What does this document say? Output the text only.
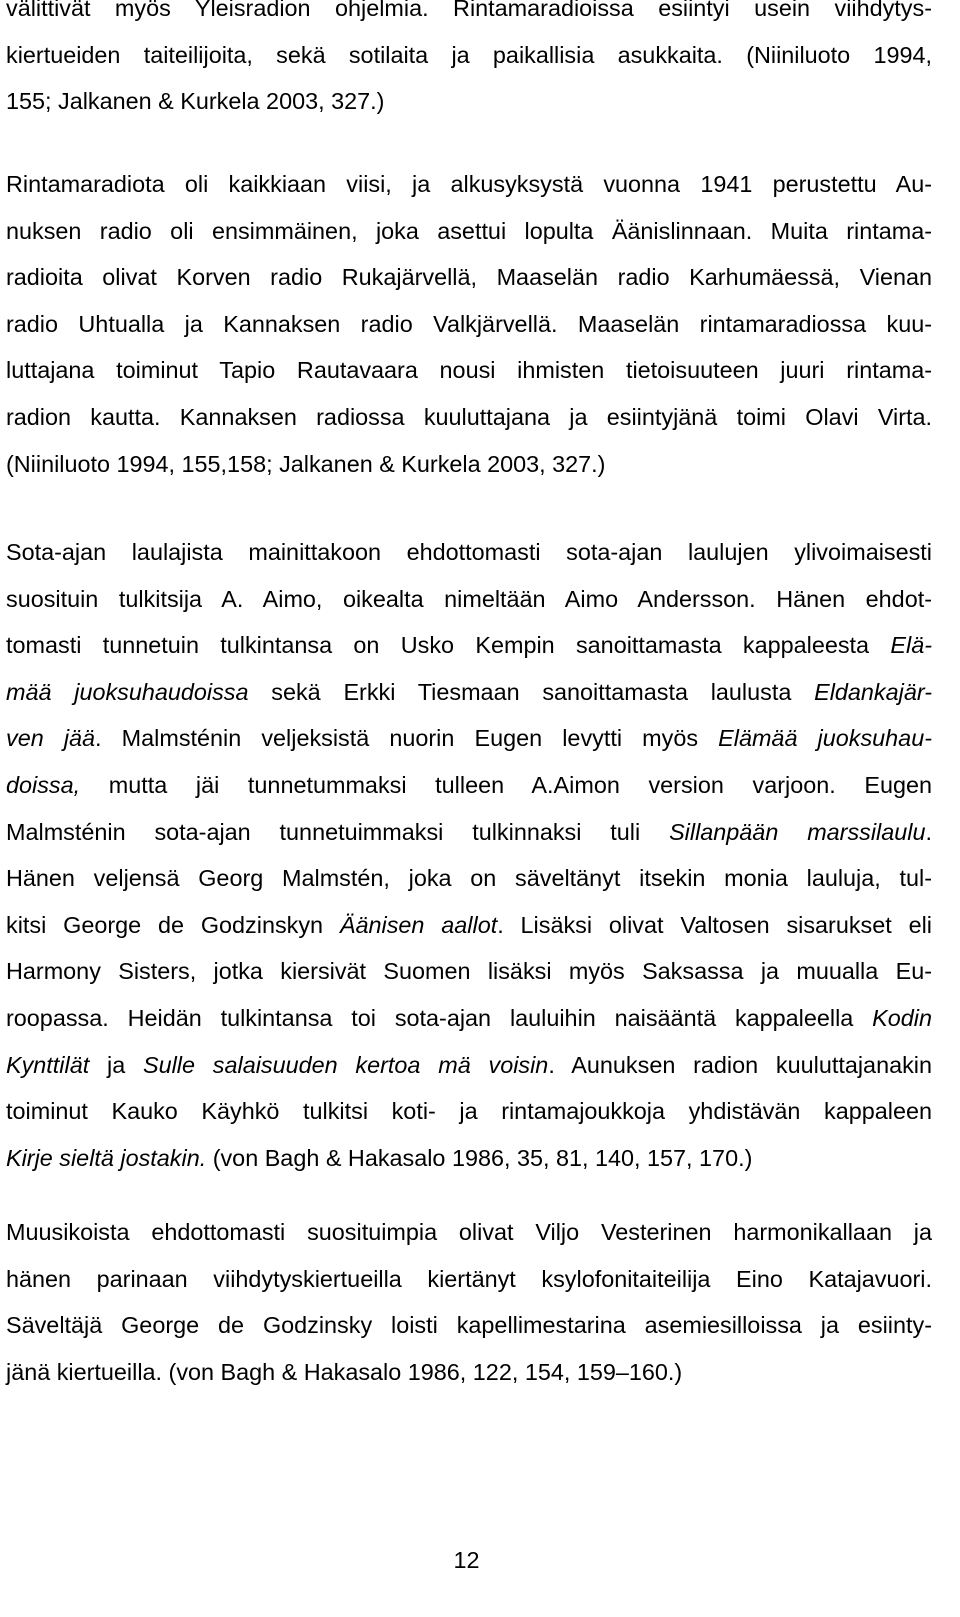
välittivät myös Yleisradion ohjelmia. Rintamaradioissa esiintyi usein viihdytys-
kiertueiden taiteilijoita, sekä sotilaita ja paikallisia asukkaita. (Niiniluoto 1994,
155; Jalkanen & Kurkela 2003, 327.)

Rintamaradiota oli kaikkiaan viisi, ja alkusyksystä vuonna 1941 perustettu Au-
nuksen radio oli ensimmäinen, joka asettui lopulta Äänislinnaan. Muita rintama-
radioita olivat Korven radio Rukajärvellä, Maaselän radio Karhumäessä, Vienan
radio Uhtualla ja Kannaksen radio Valkjärvellä. Maaselän rintamaradiossa kuu-
luttajana toiminut Tapio Rautavaara nousi ihmisten tietoisuuteen juuri rintama-
radion kautta. Kannaksen radiossa kuuluttajana ja esiintyjänä toimi Olavi Virta.
(Niiniluoto 1994, 155,158; Jalkanen & Kurkela 2003, 327.)

Sota-ajan laulajista mainittakoon ehdottomasti sota-ajan laulujen ylivoimaisesti
suosituin tulkitsija A. Aimo, oikealta nimeltään Aimo Andersson. Hänen ehdot-
tomasti tunnetuin tulkintansa on Usko Kempin sanoittamasta kappaleesta Elä-
mää juoksuhaudoissa sekä Erkki Tiesmaan sanoittamasta laulusta Eldankajär-
ven jää. Malmsténin veljeksistä nuorin Eugen levytti myös Elämää juoksuhau-
doissa, mutta jäi tunnetummaksi tulleen A.Aimon version varjoon. Eugen
Malmsténin sota-ajan tunnetuimmaksi tulkinnaksi tuli Sillanpään marssilaulu.
Hänen veljensä Georg Malmstén, joka on säveltänyt itsekin monia lauluja, tul-
kitsi George de Godzinskyn Äänisen aallot. Lisäksi olivat Valtosen sisarukset eli
Harmony Sisters, jotka kiersivät Suomen lisäksi myös Saksassa ja muualla Eu-
roopassa. Heidän tulkintansa toi sota-ajan lauluihin naisääntä kappaleella Kodin
Kynttilät ja Sulle salaisuuden kertoa mä voisin. Aunuksen radion kuuluttajanakin
toiminut Kauko Käyhkö tulkitsi koti- ja rintamajoukkoja yhdistävän kappaleen
Kirje sieltä jostakin. (von Bagh & Hakasalo 1986, 35, 81, 140, 157, 170.)

Muusikoista ehdottomasti suosituimpia olivat Viljo Vesterinen harmonikallaan ja
hänen parinaan viihdytyskiertueilla kiertänyt ksylofonitaiteilija Eino Katajavuori.
Säveltäjä George de Godzinsky loisti kapellimestarina asemiesilloissa ja esiinty-
jänä kiertueilla. (von Bagh & Hakasalo 1986, 122, 154, 159–160.)

12
